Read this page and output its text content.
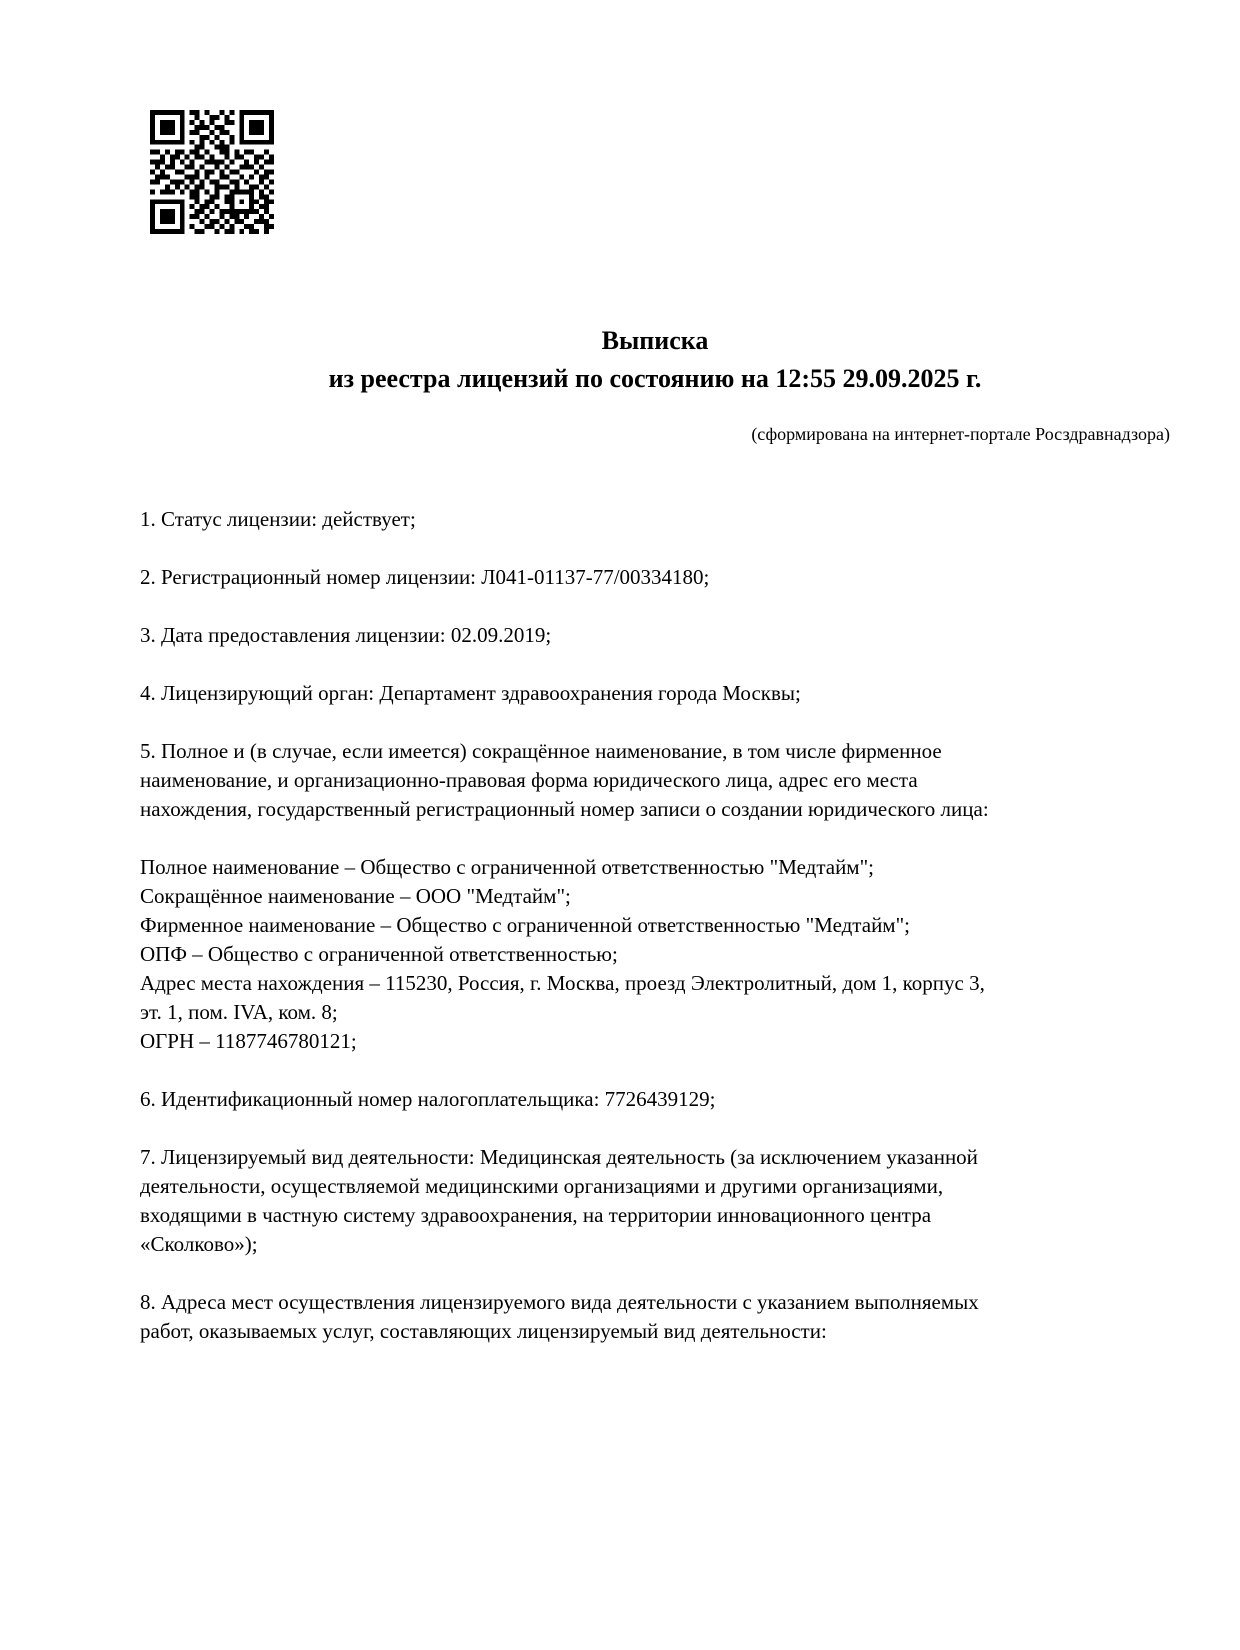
Выписка
из реестра лицензий по состоянию на 12:55 29.09.2025 г.
(сформирована на интернет-портале Росздравнадзора)

1. Статус лицензии: действует;

2. Регистрационный номер лицензии: Л041-01137-77/00334180;

3. Дата предоставления лицензии: 02.09.2019;

4. Лицензирующий орган: Департамент здравоохранения города Москвы;

5. Полное и (в случае, если имеется) сокращённое наименование, в том числе фирменное
наименование, и организационно-правовая форма юридического лица, адрес его места
нахождения, государственный регистрационный номер записи о создании юридического лица:

Полное наименование – Общество с ограниченной ответственностью "Медтайм";
Сокращённое наименование – ООО "Медтайм";
Фирменное наименование – Общество с ограниченной ответственностью "Медтайм";
ОПФ – Общество с ограниченной ответственностью;
Адрес места нахождения – 115230, Россия, г. Москва, проезд Электролитный, дом 1, корпус 3,
эт. 1, пом. IVA, ком. 8;
ОГРН – 1187746780121;

6. Идентификационный номер налогоплательщика: 7726439129;

7. Лицензируемый вид деятельности: Медицинская деятельность (за исключением указанной
деятельности, осуществляемой медицинскими организациями и другими организациями,
входящими в частную систему здравоохранения, на территории инновационного центра
«Сколково»);

8. Адреса мест осуществления лицензируемого вида деятельности с указанием выполняемых
работ, оказываемых услуг, составляющих лицензируемый вид деятельности:
